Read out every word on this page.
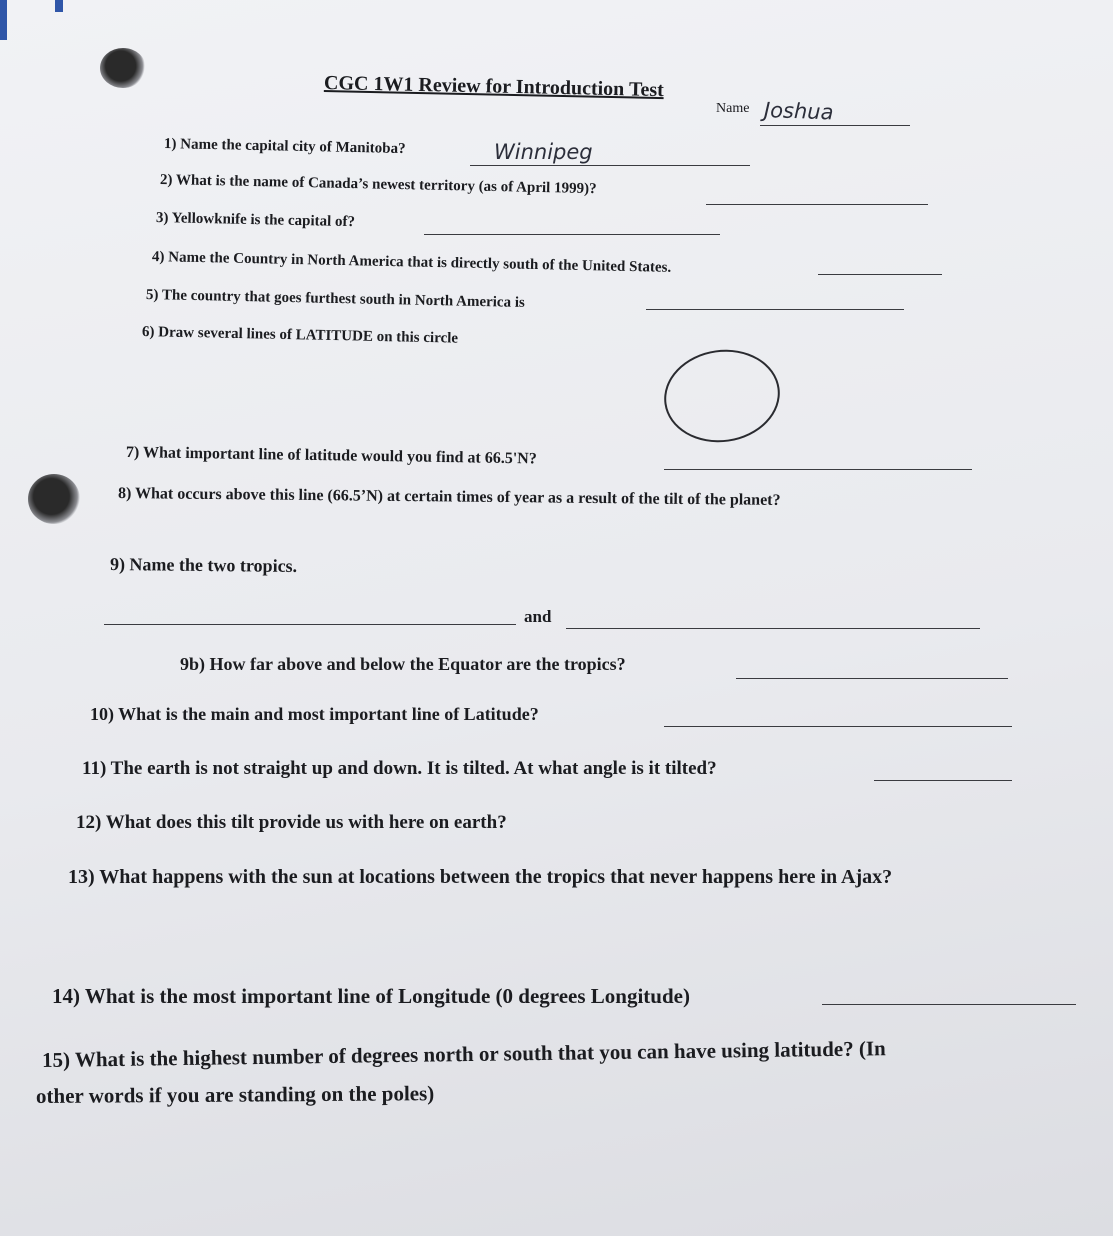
CGC 1W1 Review for Introduction Test
Name Joshua
1) Name the capital city of Manitoba?	Winnipeg
2) What is the name of Canada’s newest territory (as of April 1999)?
3) Yellowknife is the capital of?
4) Name the Country in North America that is directly south of the United States.
5) The country that goes furthest south in North America is
6) Draw several lines of LATITUDE on this circle
7) What important line of latitude would you find at 66.5'N?
8) What occurs above this line (66.5’N) at certain times of year as a result of the tilt of the planet?
9) Name the two tropics.
and
9b) How far above and below the Equator are the tropics?
10) What is the main and most important line of Latitude?
11) The earth is not straight up and down. It is tilted. At what angle is it tilted?
12) What does this tilt provide us with here on earth?
13) What happens with the sun at locations between the tropics that never happens here in Ajax?
14) What is the most important line of Longitude (0 degrees Longitude)
15) What is the highest number of degrees north or south that you can have using latitude? (In
other words if you are standing on the poles)
